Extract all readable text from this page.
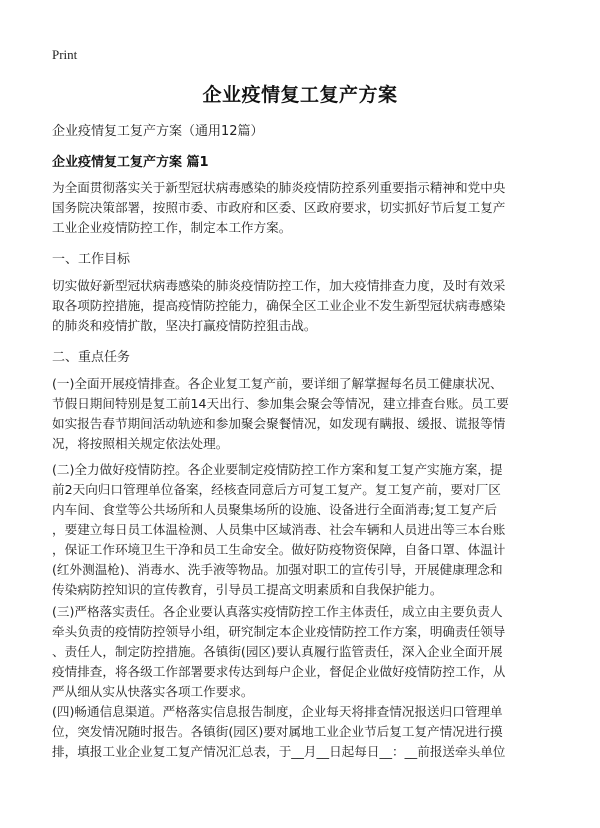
Print
企业疫情复工复产方案
企业疫情复工复产方案（通用12篇）
企业疫情复工复产方案 篇1

为全面贯彻落实关于新型冠状病毒感染的肺炎疫情防控系列重要指示精神和党中央
国务院决策部署，按照市委、市政府和区委、区政府要求，切实抓好节后复工复产
工业企业疫情防控工作，制定本工作方案。

一、工作目标

切实做好新型冠状病毒感染的肺炎疫情防控工作，加大疫情排查力度，及时有效采
取各项防控措施，提高疫情防控能力，确保全区工业企业不发生新型冠状病毒感染
的肺炎和疫情扩散，坚决打赢疫情防控狙击战。

二、重点任务

(一)全面开展疫情排查。各企业复工复产前，要详细了解掌握每名员工健康状况、
节假日期间特别是复工前14天出行、参加集会聚会等情况，建立排查台账。员工要
如实报告春节期间活动轨迹和参加聚会聚餐情况，如发现有瞒报、缓报、谎报等情
况，将按照相关规定依法处理。

(二)全力做好疫情防控。各企业要制定疫情防控工作方案和复工复产实施方案，提
前2天向归口管理单位备案，经核查同意后方可复工复产。复工复产前，要对厂区
内车间、食堂等公共场所和人员聚集场所的设施、设备进行全面消毒;复工复产后
，要建立每日员工体温检测、人员集中区域消毒、社会车辆和人员进出等三本台账
，保证工作环境卫生干净和员工生命安全。做好防疫物资保障，自备口罩、体温计
(红外测温枪)、消毒水、洗手液等物品。加强对职工的宣传引导，开展健康理念和
传染病防控知识的宣传教育，引导员工提高文明素质和自我保护能力。

(三)严格落实责任。各企业要认真落实疫情防控工作主体责任，成立由主要负责人
牵头负责的疫情防控领导小组，研究制定本企业疫情防控工作方案，明确责任领导
、责任人，制定防控措施。各镇街(园区)要认真履行监管责任，深入企业全面开展
疫情排查，将各级工作部署要求传达到每户企业，督促企业做好疫情防控工作，从
严从细从实从快落实各项工作要求。

(四)畅通信息渠道。严格落实信息报告制度，企业每天将排查情况报送归口管理单
位，突发情况随时报告。各镇街(园区)要对属地工业企业节后复工复产情况进行摸
排，填报工业企业复工复产情况汇总表，于__月__日起每日__：__前报送牵头单位
